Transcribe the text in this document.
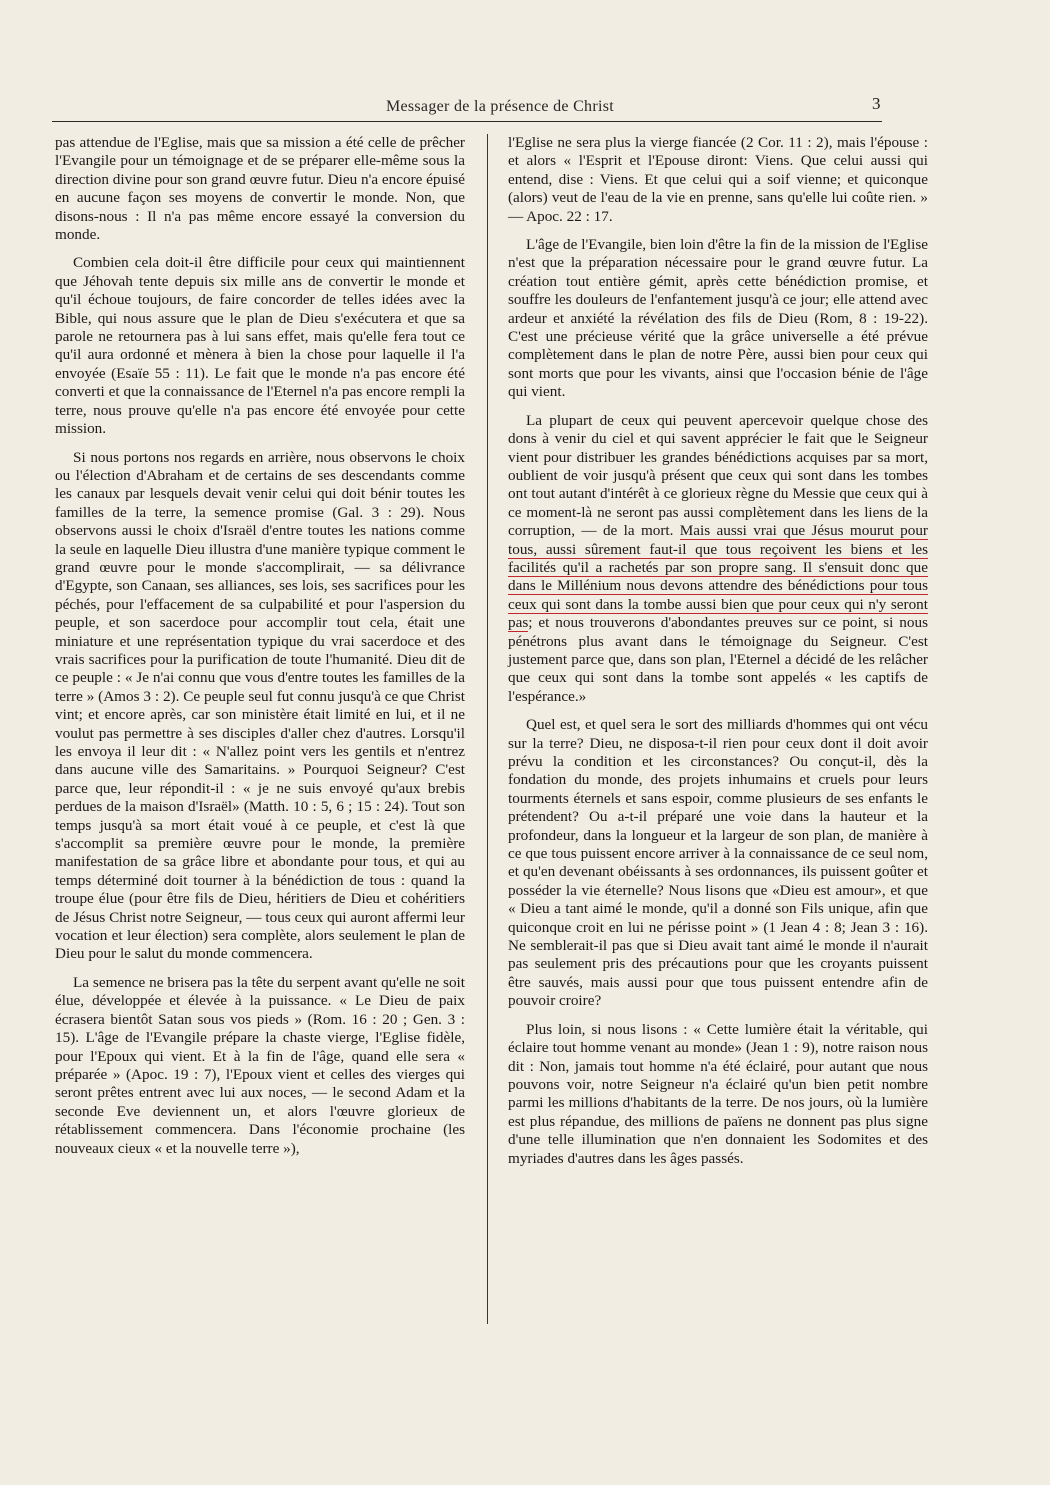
Messager de la présence de Christ	3

pas attendue de l'Eglise, mais que sa mission a été celle de prêcher l'Evangile pour un témoignage et de se préparer elle-même sous la direction divine pour son grand œuvre futur. Dieu n'a encore épuisé en aucune façon ses moyens de convertir le monde. Non, que disons-nous : Il n'a pas même encore essayé la conversion du monde.

Combien cela doit-il être difficile pour ceux qui maintiennent que Jéhovah tente depuis six mille ans de convertir le monde et qu'il échoue toujours, de faire concorder de telles idées avec la Bible, qui nous assure que le plan de Dieu s'exécutera et que sa parole ne retournera pas à lui sans effet, mais qu'elle fera tout ce qu'il aura ordonné et mènera à bien la chose pour laquelle il l'a envoyée (Esaïe 55 : 11). Le fait que le monde n'a pas encore été converti et que la connaissance de l'Eternel n'a pas encore rempli la terre, nous prouve qu'elle n'a pas encore été envoyée pour cette mission.

Si nous portons nos regards en arrière, nous observons le choix ou l'élection d'Abraham et de certains de ses descendants comme les canaux par lesquels devait venir celui qui doit bénir toutes les familles de la terre, la semence promise (Gal. 3 : 29). Nous observons aussi le choix d'Israël d'entre toutes les nations comme la seule en laquelle Dieu illustra d'une manière typique comment le grand œuvre pour le monde s'accomplirait, — sa délivrance d'Egypte, son Canaan, ses alliances, ses lois, ses sacrifices pour les péchés, pour l'effacement de sa culpabilité et pour l'aspersion du peuple, et son sacerdoce pour accomplir tout cela, était une miniature et une représentation typique du vrai sacerdoce et des vrais sacrifices pour la purification de toute l'humanité. Dieu dit de ce peuple : « Je n'ai connu que vous d'entre toutes les familles de la terre » (Amos 3 : 2). Ce peuple seul fut connu jusqu'à ce que Christ vint; et encore après, car son ministère était limité en lui, et il ne voulut pas permettre à ses disciples d'aller chez d'autres. Lorsqu'il les envoya il leur dit : « N'allez point vers les gentils et n'entrez dans aucune ville des Samaritains. » Pourquoi Seigneur? C'est parce que, leur répondit-il : « je ne suis envoyé qu'aux brebis perdues de la maison d'Israël» (Matth. 10 : 5, 6 ; 15 : 24). Tout son temps jusqu'à sa mort était voué à ce peuple, et c'est là que s'accomplit sa première œuvre pour le monde, la première manifestation de sa grâce libre et abondante pour tous, et qui au temps déterminé doit tourner à la bénédiction de tous : quand la troupe élue (pour être fils de Dieu, héritiers de Dieu et cohéritiers de Jésus Christ notre Seigneur, — tous ceux qui auront affermi leur vocation et leur élection) sera complète, alors seulement le plan de Dieu pour le salut du monde commencera.

La semence ne brisera pas la tête du serpent avant qu'elle ne soit élue, développée et élevée à la puissance. « Le Dieu de paix écrasera bientôt Satan sous vos pieds » (Rom. 16 : 20 ; Gen. 3 : 15). L'âge de l'Evangile prépare la chaste vierge, l'Eglise fidèle, pour l'Epoux qui vient. Et à la fin de l'âge, quand elle sera « préparée » (Apoc. 19 : 7), l'Epoux vient et celles des vierges qui seront prêtes entrent avec lui aux noces, — le second Adam et la seconde Eve deviennent un, et alors l'œuvre glorieux de rétablissement commencera. Dans l'économie prochaine (les nouveaux cieux « et la nouvelle terre »),

l'Eglise ne sera plus la vierge fiancée (2 Cor. 11 : 2), mais l'épouse : et alors « l'Esprit et l'Epouse diront: Viens. Que celui aussi qui entend, dise : Viens. Et que celui qui a soif vienne; et quiconque (alors) veut de l'eau de la vie en prenne, sans qu'elle lui coûte rien. » — Apoc. 22 : 17.

L'âge de l'Evangile, bien loin d'être la fin de la mission de l'Eglise n'est que la préparation nécessaire pour le grand œuvre futur. La création tout entière gémit, après cette bénédiction promise, et souffre les douleurs de l'enfantement jusqu'à ce jour; elle attend avec ardeur et anxiété la révélation des fils de Dieu (Rom, 8 : 19-22). C'est une précieuse vérité que la grâce universelle a été prévue complètement dans le plan de notre Père, aussi bien pour ceux qui sont morts que pour les vivants, ainsi que l'occasion bénie de l'âge qui vient.

La plupart de ceux qui peuvent apercevoir quelque chose des dons à venir du ciel et qui savent apprécier le fait que le Seigneur vient pour distribuer les grandes bénédictions acquises par sa mort, oublient de voir jusqu'à présent que ceux qui sont dans les tombes ont tout autant d'intérêt à ce glorieux règne du Messie que ceux qui à ce moment-là ne seront pas aussi complètement dans les liens de la corruption, — de la mort. Mais aussi vrai que Jésus mourut pour tous, aussi sûrement faut-il que tous reçoivent les biens et les facilités qu'il a rachetés par son propre sang. Il s'ensuit donc que dans le Millénium nous devons attendre des bénédictions pour tous ceux qui sont dans la tombe aussi bien que pour ceux qui n'y seront pas; et nous trouverons d'abondantes preuves sur ce point, si nous pénétrons plus avant dans le témoignage du Seigneur. C'est justement parce que, dans son plan, l'Eternel a décidé de les relâcher que ceux qui sont dans la tombe sont appelés « les captifs de l'espérance.»

Quel est, et quel sera le sort des milliards d'hommes qui ont vécu sur la terre? Dieu, ne disposa-t-il rien pour ceux dont il doit avoir prévu la condition et les circonstances? Ou conçut-il, dès la fondation du monde, des projets inhumains et cruels pour leurs tourments éternels et sans espoir, comme plusieurs de ses enfants le prétendent? Ou a-t-il préparé une voie dans la hauteur et la profondeur, dans la longueur et la largeur de son plan, de manière à ce que tous puissent encore arriver à la connaissance de ce seul nom, et qu'en devenant obéissants à ses ordonnances, ils puissent goûter et posséder la vie éternelle? Nous lisons que «Dieu est amour», et que « Dieu a tant aimé le monde, qu'il a donné son Fils unique, afin que quiconque croit en lui ne périsse point » (1 Jean 4 : 8; Jean 3 : 16). Ne semblerait-il pas que si Dieu avait tant aimé le monde il n'aurait pas seulement pris des précautions pour que les croyants puissent être sauvés, mais aussi pour que tous puissent entendre afin de pouvoir croire?

Plus loin, si nous lisons : « Cette lumière était la véritable, qui éclaire tout homme venant au monde» (Jean 1 : 9), notre raison nous dit : Non, jamais tout homme n'a été éclairé, pour autant que nous pouvons voir, notre Seigneur n'a éclairé qu'un bien petit nombre parmi les millions d'habitants de la terre. De nos jours, où la lumière est plus répandue, des millions de païens ne donnent pas plus signe d'une telle illumination que n'en donnaient les Sodomites et des myriades d'autres dans les âges passés.
